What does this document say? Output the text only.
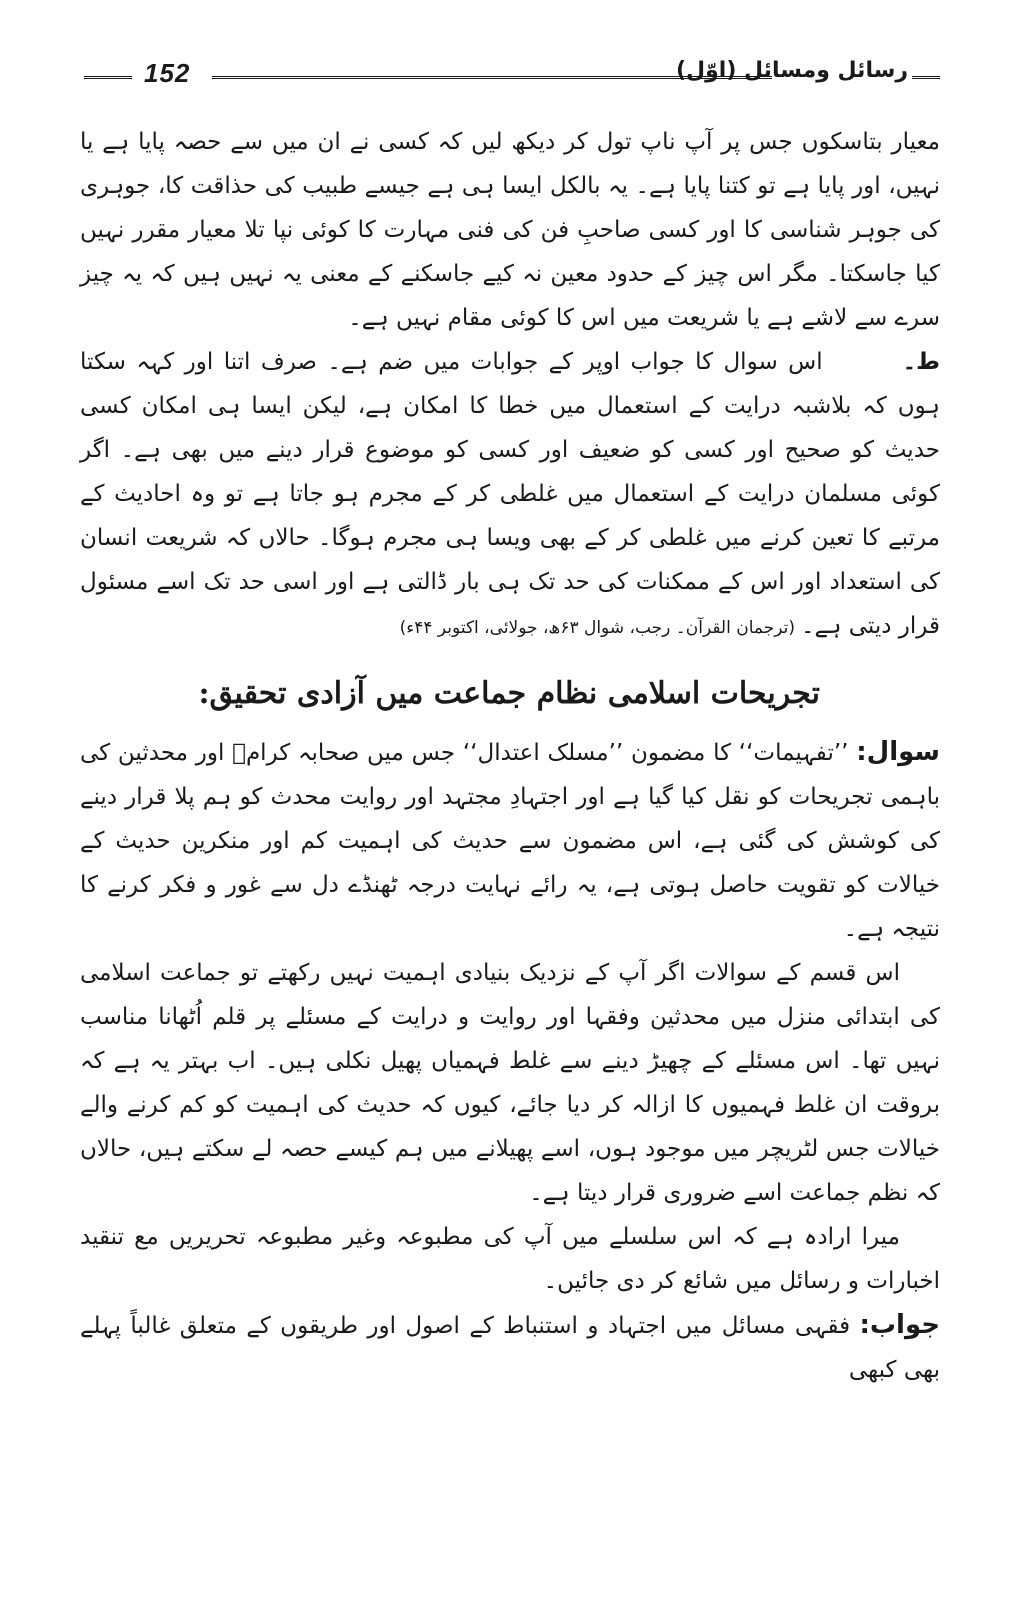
152	رسائل ومسائل (اوّل)

معیار بتاسکوں جس پر آپ ناپ تول کر دیکھ لیں کہ کسی نے ان میں سے حصہ پایا ہے یا نہیں، اور پایا ہے تو کتنا پایا ہے۔ یہ بالکل ایسا ہی ہے جیسے طبیب کی حذاقت کا، جوہری کی جوہر شناسی کا اور کسی صاحبِ فن کی فنی مہارت کا کوئی نپا تلا معیار مقرر نہیں کیا جاسکتا۔ مگر اس چیز کے حدود معین نہ کیے جاسکنے کے معنی یہ نہیں ہیں کہ یہ چیز سرے سے لاشے ہے یا شریعت میں اس کا کوئی مقام نہیں ہے۔

ط۔اس سوال کا جواب اوپر کے جوابات میں ضم ہے۔ صرف اتنا اور کہہ سکتا ہوں کہ بلاشبہ درایت کے استعمال میں خطا کا امکان ہے، لیکن ایسا ہی امکان کسی حدیث کو صحیح اور کسی کو ضعیف اور کسی کو موضوع قرار دینے میں بھی ہے۔ اگر کوئی مسلمان درایت کے استعمال میں غلطی کر کے مجرم ہو جاتا ہے تو وہ احادیث کے مرتبے کا تعین کرنے میں غلطی کر کے بھی ویسا ہی مجرم ہوگا۔ حالاں کہ شریعت انسان کی استعداد اور اس کے ممکنات کی حد تک ہی بار ڈالتی ہے اور اسی حد تک اسے مسئول قرار دیتی ہے۔(ترجمان القرآن۔ رجب، شوال ۶۳ھ، جولائی، اکتوبر ۴۴ء)

تجریحات اسلامی نظام جماعت میں آزادی تحقیق:

سوال: ’’تفہیمات‘‘ کا مضمون ’’مسلک اعتدال‘‘ جس میں صحابہ کرامؓ اور محدثین کی باہمی تجریحات کو نقل کیا گیا ہے اور اجتہادِ مجتہد اور روایت محدث کو ہم پلا قرار دینے کی کوشش کی گئی ہے، اس مضمون سے حدیث کی اہمیت کم اور منکرین حدیث کے خیالات کو تقویت حاصل ہوتی ہے، یہ رائے نہایت درجہ ٹھنڈے دل سے غور و فکر کرنے کا نتیجہ ہے۔

اس قسم کے سوالات اگر آپ کے نزدیک بنیادی اہمیت نہیں رکھتے تو جماعت اسلامی کی ابتدائی منزل میں محدثین وفقہا اور روایت و درایت کے مسئلے پر قلم اُٹھانا مناسب نہیں تھا۔ اس مسئلے کے چھیڑ دینے سے غلط فہمیاں پھیل نکلی ہیں۔ اب بہتر یہ ہے کہ بروقت ان غلط فہمیوں کا ازالہ کر دیا جائے، کیوں کہ حدیث کی اہمیت کو کم کرنے والے خیالات جس لٹریچر میں موجود ہوں، اسے پھیلانے میں ہم کیسے حصہ لے سکتے ہیں، حالاں کہ نظم جماعت اسے ضروری قرار دیتا ہے۔

میرا ارادہ ہے کہ اس سلسلے میں آپ کی مطبوعہ وغیر مطبوعہ تحریریں مع تنقید اخبارات و رسائل میں شائع کر دی جائیں۔

جواب: فقہی مسائل میں اجتہاد و استنباط کے اصول اور طریقوں کے متعلق غالباً پہلے بھی کبھی
